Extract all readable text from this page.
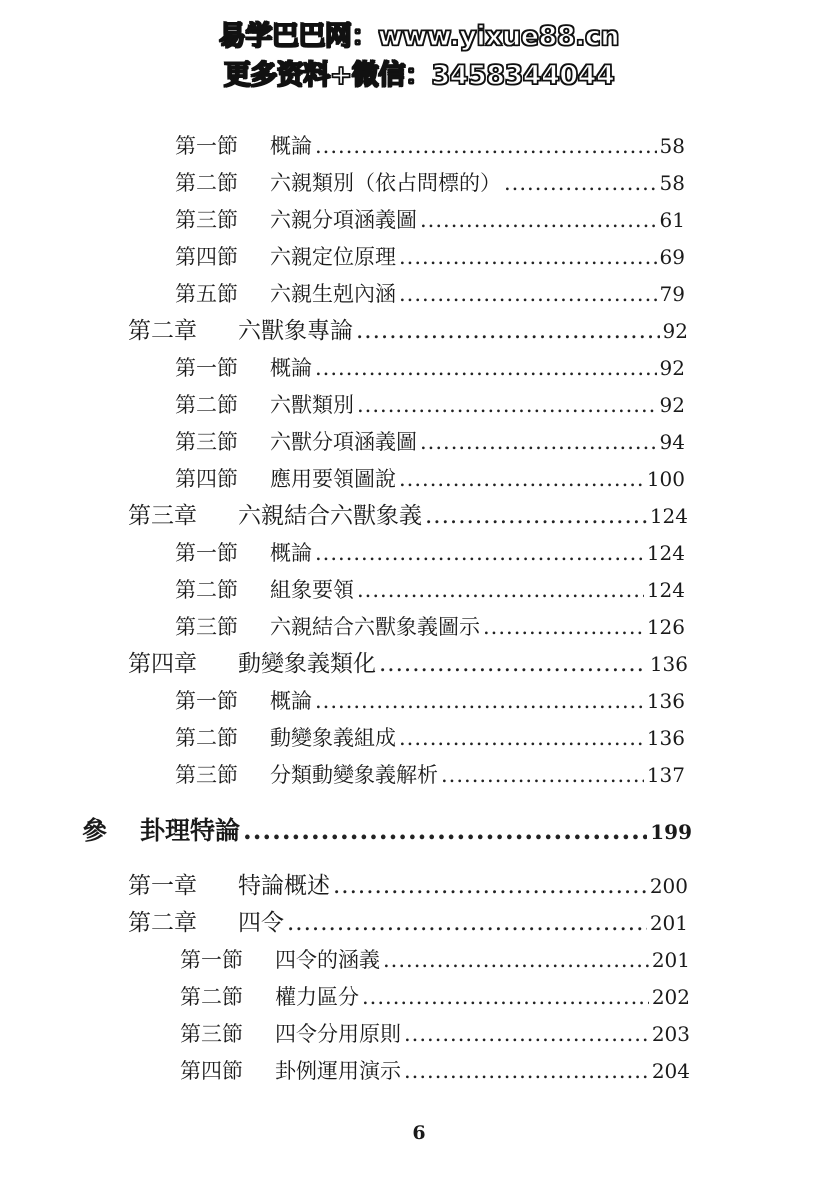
易学巴巴网：www.yixue88.cn
更多资料+微信：3458344044
第一節	概論 .....	58
第二節	六親類別（依占問標的） .....	58
第三節	六親分項涵義圖 .....	61
第四節	六親定位原理 .....	69
第五節	六親生剋內涵 .....	79
第二章	六獸象專論 .....	92
第一節	概論 .....	92
第二節	六獸類別 .....	92
第三節	六獸分項涵義圖 .....	94
第四節	應用要領圖說 .....	100
第三章	六親結合六獸象義 .....	124
第一節	概論 .....	124
第二節	組象要領 .....	124
第三節	六親結合六獸象義圖示 .....	126
第四章	動變象義類化 .....	136
第一節	概論 .....	136
第二節	動變象義組成 .....	136
第三節	分類動變象義解析 .....	137
參	卦理特論 .....	199
第一章	特論概述 .....	200
第二章	四令 .....	201
第一節	四令的涵義 .....	201
第二節	權力區分 .....	202
第三節	四令分用原則 .....	203
第四節	卦例運用演示 .....	204
6
